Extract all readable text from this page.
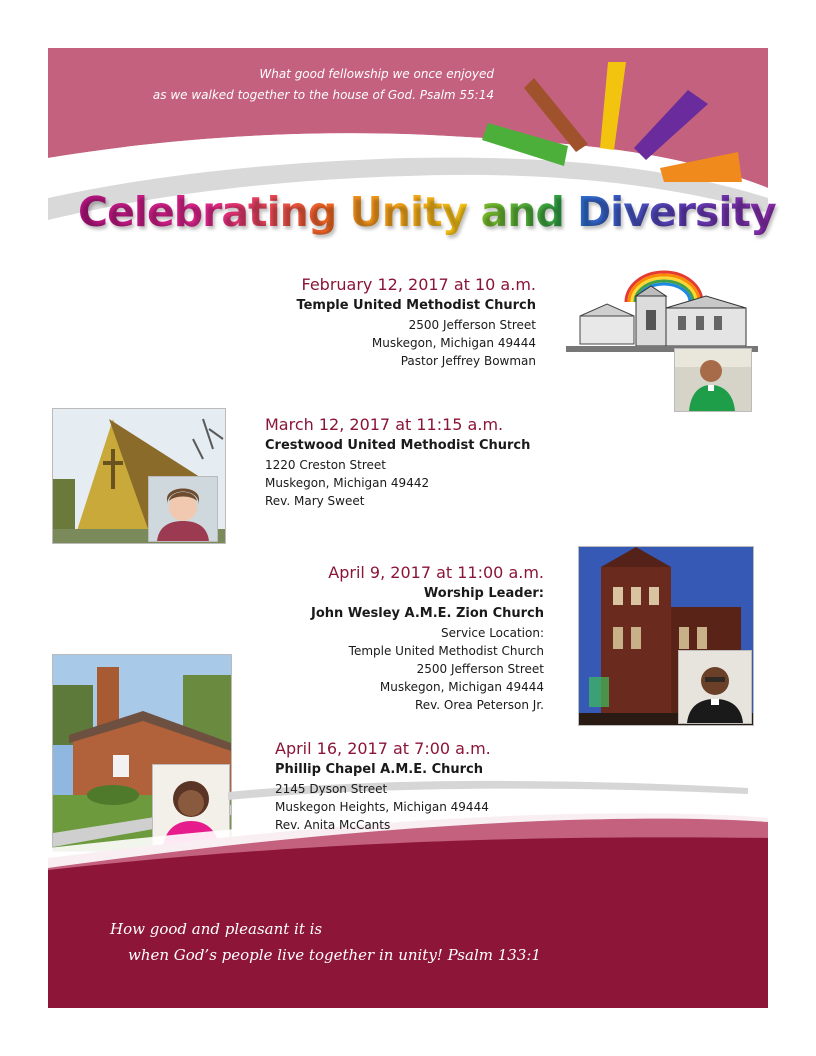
What good fellowship we once enjoyed
as we walked together to the house of God. Psalm 55:14
Celebrating Unity and Diversity
February 12, 2017 at 10 a.m.
Temple United Methodist Church
2500 Jefferson Street
Muskegon, Michigan 49444
Pastor Jeffrey Bowman
March 12, 2017 at 11:15 a.m.
Crestwood United Methodist Church
1220 Creston Street
Muskegon, Michigan 49442
Rev. Mary Sweet
April 9, 2017 at 11:00 a.m.
Worship Leader:
John Wesley A.M.E. Zion Church
Service Location:
Temple United Methodist Church
2500 Jefferson Street
Muskegon, Michigan 49444
Rev. Orea Peterson Jr.
April 16, 2017 at 7:00 a.m.
Phillip Chapel A.M.E. Church
2145 Dyson Street
Muskegon Heights, Michigan 49444
Rev. Anita McCants
How good and pleasant it is
when God’s people live together in unity! Psalm 133:1
